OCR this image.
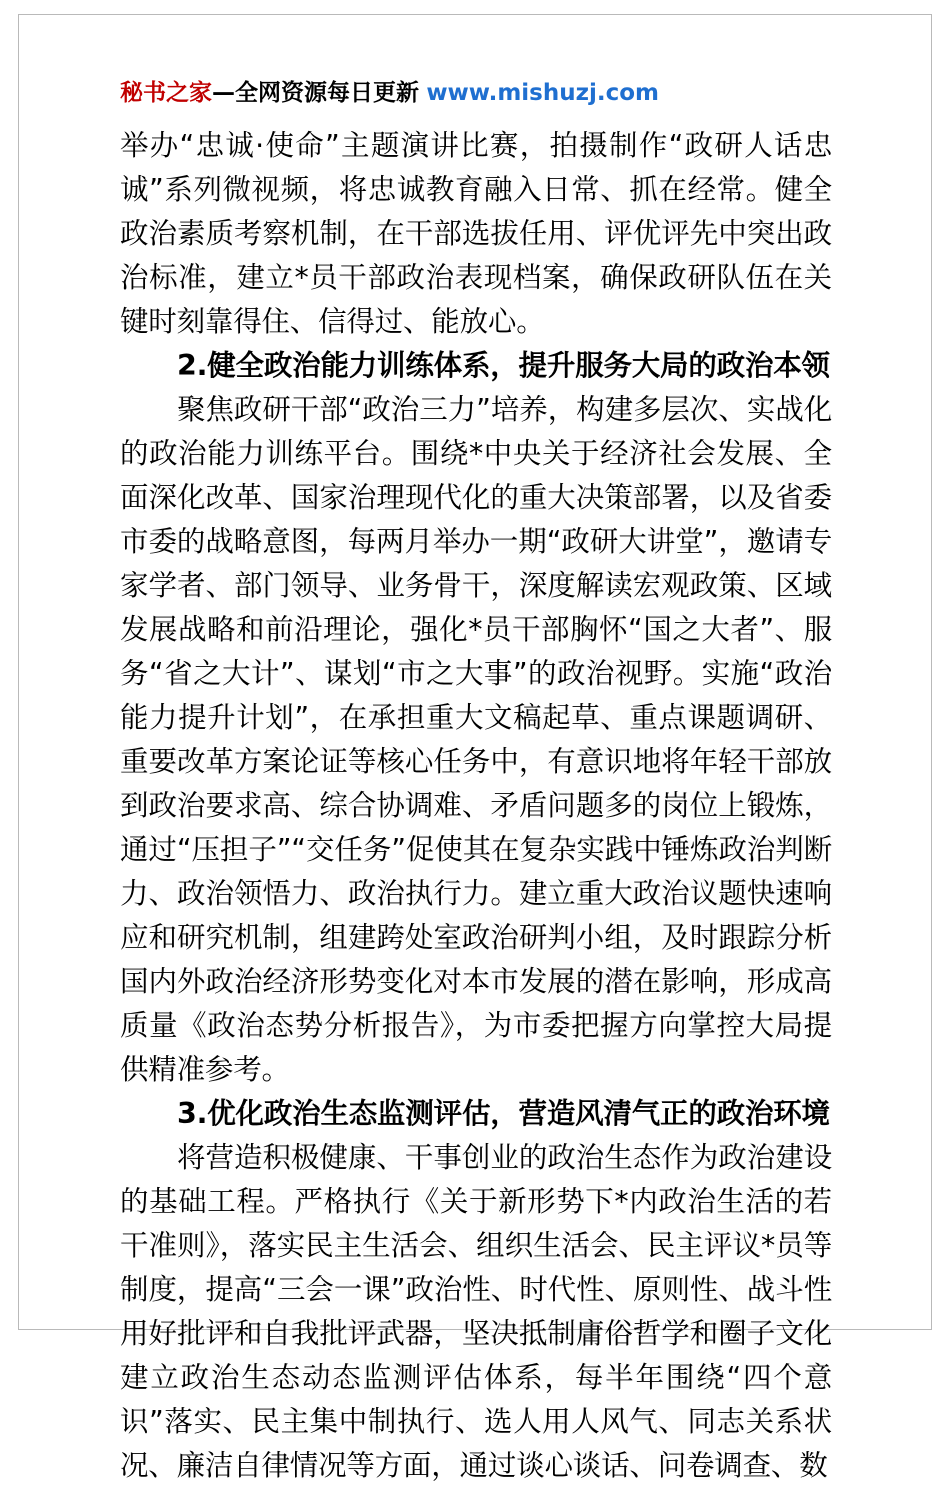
秘书之家—全网资源每日更新 www.mishuzj.com

举办“忠诚·使命”主题演讲比赛，拍摄制作“政研人话忠诚”系列微视频，将忠诚教育融入日常、抓在经常。健全政治素质考察机制，在干部选拔任用、评优评先中突出政治标准，建立*员干部政治表现档案，确保政研队伍在关键时刻靠得住、信得过、能放心。

2.健全政治能力训练体系，提升服务大局的政治本领

聚焦政研干部“政治三力”培养，构建多层次、实战化的政治能力训练平台。围绕*中央关于经济社会发展、全面深化改革、国家治理现代化的重大决策部署，以及省委市委的战略意图，每两月举办一期“政研大讲堂”，邀请专家学者、部门领导、业务骨干，深度解读宏观政策、区域发展战略和前沿理论，强化*员干部胸怀“国之大者”、服务“省之大计”、谋划“市之大事”的政治视野。实施“政治能力提升计划”，在承担重大文稿起草、重点课题调研、重要改革方案论证等核心任务中，有意识地将年轻干部放到政治要求高、综合协调难、矛盾问题多的岗位上锻炼，通过“压担子”“交任务”促使其在复杂实践中锤炼政治判断力、政治领悟力、政治执行力。建立重大政治议题快速响应和研究机制，组建跨处室政治研判小组，及时跟踪分析国内外政治经济形势变化对本市发展的潜在影响，形成高质量《政治态势分析报告》，为市委把握方向掌控大局提供精准参考。

3.优化政治生态监测评估，营造风清气正的政治环境

将营造积极健康、干事创业的政治生态作为政治建设的基础工程。严格执行《关于新形势下*内政治生活的若干准则》，落实民主生活会、组织生活会、民主评议*员等制度，提高“三会一课”政治性、时代性、原则性、战斗性用好批评和自我批评武器，坚决抵制庸俗哲学和圈子文化建立政治生态动态监测评估体系，每半年围绕“四个意识”落实、民主集中制执行、选人用人风气、同志关系状况、廉洁自律情况等方面，通过谈心谈话、问卷调查、数
